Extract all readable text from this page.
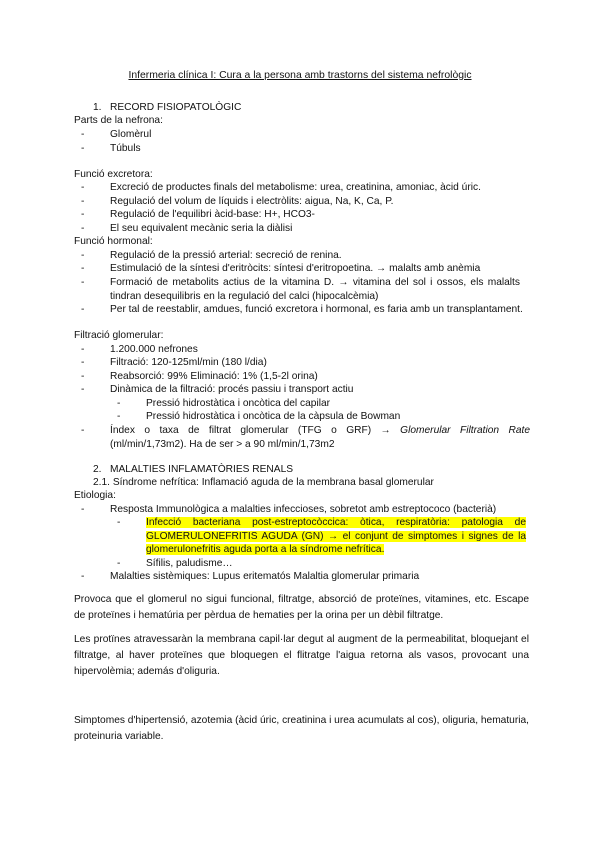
Infermeria clínica I: Cura a la persona amb trastorns del sistema nefrològic
1. RECORD FISIOPATOLÒGIC
Parts de la nefrona:
- Glomèrul
- Túbuls
Funció excretora:
- Excreció de productes finals del metabolisme: urea, creatinina, amoniac, àcid úric.
- Regulació del volum de líquids i electròlits: aigua, Na, K, Ca, P.
- Regulació de l'equilibri àcid-base: H+, HCO3-
- El seu equivalent mecànic seria la diàlisi
Funció hormonal:
- Regulació de la pressió arterial: secreció de renina.
- Estimulació de la síntesi d'eritròcits: síntesi d'eritropoetina. → malalts amb anèmia
- Formació de metabolits actius de la vitamina D. → vitamina del sol i ossos, els malalts tindran desequilibris en la regulació del calci (hipocalcèmia)
- Per tal de reestablir, amdues, funció excretora i hormonal, es faria amb un transplantament.
Filtració glomerular:
- 1.200.000 nefrones
- Filtració: 120-125ml/min (180 l/dia)
- Reabsorció: 99% Eliminació: 1% (1,5-2l orina)
- Dinàmica de la filtració: procés passiu i transport actiu
- Pressió hidrostàtica i oncòtica del capilar
- Pressió hidrostàtica i oncòtica de la càpsula de Bowman
- Índex o taxa de filtrat glomerular (TFG o GRF) → Glomerular Filtration Rate (ml/min/1,73m2). Ha de ser > a 90 ml/min/1,73m2
2. MALALTIES INFLAMATÒRIES RENALS
2.1. Síndrome nefrítica: Inflamació aguda de la membrana basal glomerular
Etiologia:
- Resposta Immunològica a malalties infeccioses, sobretot amb estreptococo (bacterià)
Infecció bacteriana post-estreptocòccica: òtica, respiratòria: patologia de GLOMERULONEFRITIS AGUDA (GN) → el conjunt de simptomes i signes de la glomerulonefritis aguda porta a la síndrome nefrítica.
- Sífilis, paludisme…
- Malalties sistèmiques: Lupus eritematós Malaltia glomerular primaria
Provoca que el glomerul no sigui funcional, filtratge, absorció de proteïnes, vitamines, etc. Escape de proteïnes i hematúria per pèrdua de hematies per la orina per un dèbil filtratge.
Les protïnes atravessaràn la membrana capil·lar degut al augment de la permeabilitat, bloquejant el filtratge, al haver proteïnes que bloquegen el flitratge l'aigua retorna als vasos, provocant una hipervolèmia; además d'oliguria.
Simptomes d'hipertensió, azotemia (àcid úric, creatinina i urea acumulats al cos), oliguria, hematuria, proteinuria variable.
